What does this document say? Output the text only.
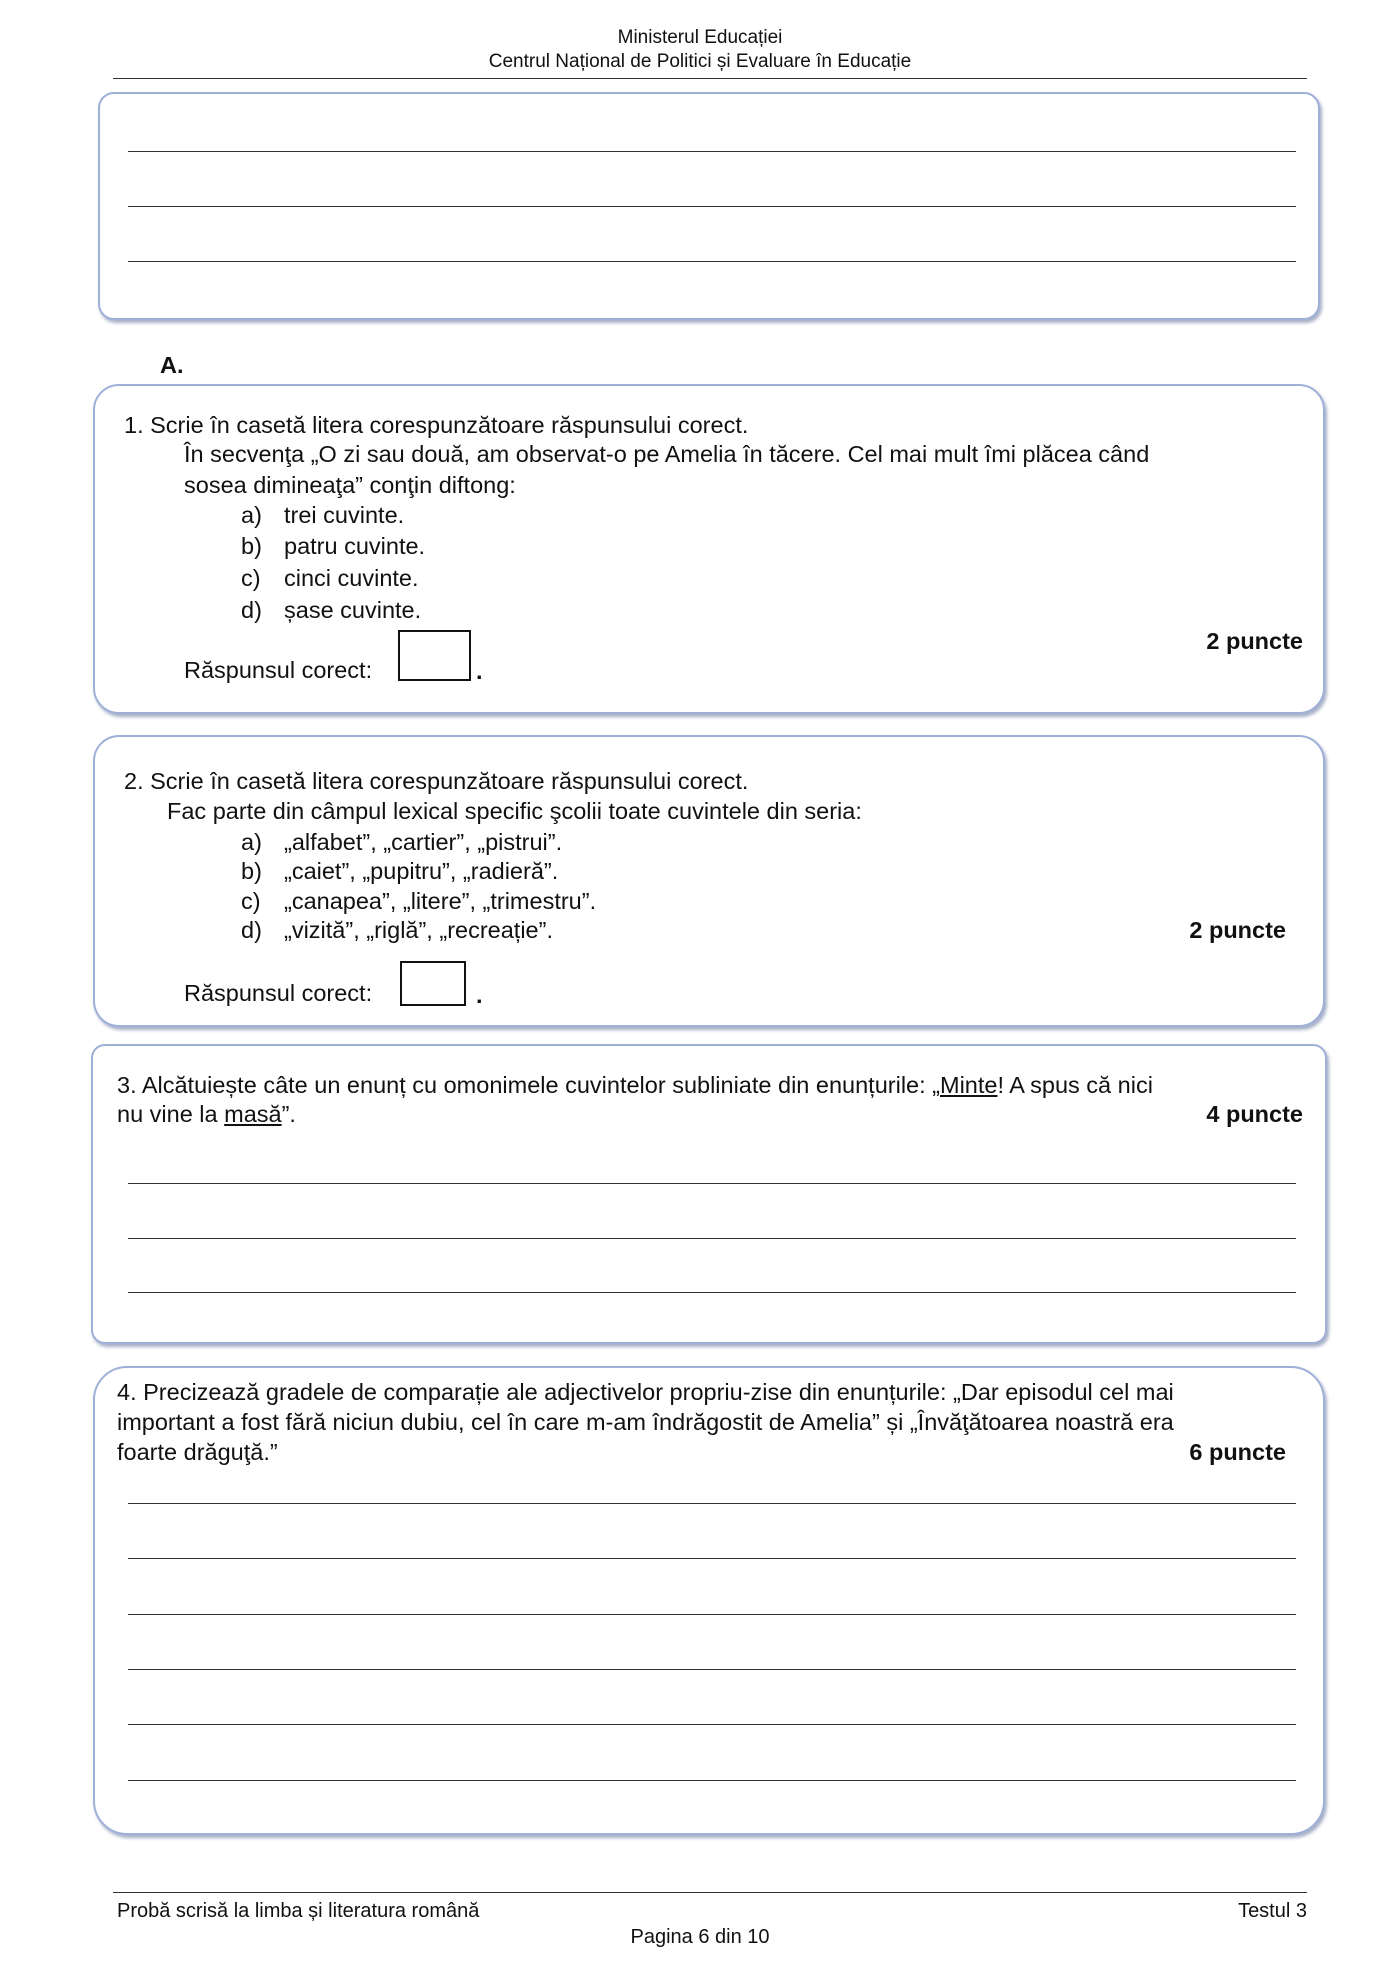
Ministerul Educației
Centrul Național de Politici și Evaluare în Educație
A.
1. Scrie în casetă litera corespunzătoare răspunsului corect.
În secvenţa „O zi sau două, am observat-o pe Amelia în tăcere. Cel mai mult îmi plăcea când
sosea dimineaţa” conţin diftong:
a) trei cuvinte.
b) patru cuvinte.
c) cinci cuvinte.
d) șase cuvinte.
2 puncte
Răspunsul corect:	.
2. Scrie în casetă litera corespunzătoare răspunsului corect.
Fac parte din câmpul lexical specific şcolii toate cuvintele din seria:
a) „alfabet”, „cartier”, „pistrui”.
b) „caiet”, „pupitru”, „radieră”.
c) „canapea”, „litere”, „trimestru”.
d) „vizită”, „riglă”, „recreație”.	2 puncte
Răspunsul corect:	.
3. Alcătuiește câte un enunț cu omonimele cuvintelor subliniate din enunțurile: „Minte! A spus că nici
nu vine la masă”.	4 puncte
4. Precizează gradele de comparație ale adjectivelor propriu-zise din enunțurile: „Dar episodul cel mai
important a fost fără niciun dubiu, cel în care m-am îndrăgostit de Amelia” și „Învăţătoarea noastră era
foarte drăguţă.”	6 puncte
Probă scrisă la limba și literatura română	Testul 3
Pagina 6 din 10
